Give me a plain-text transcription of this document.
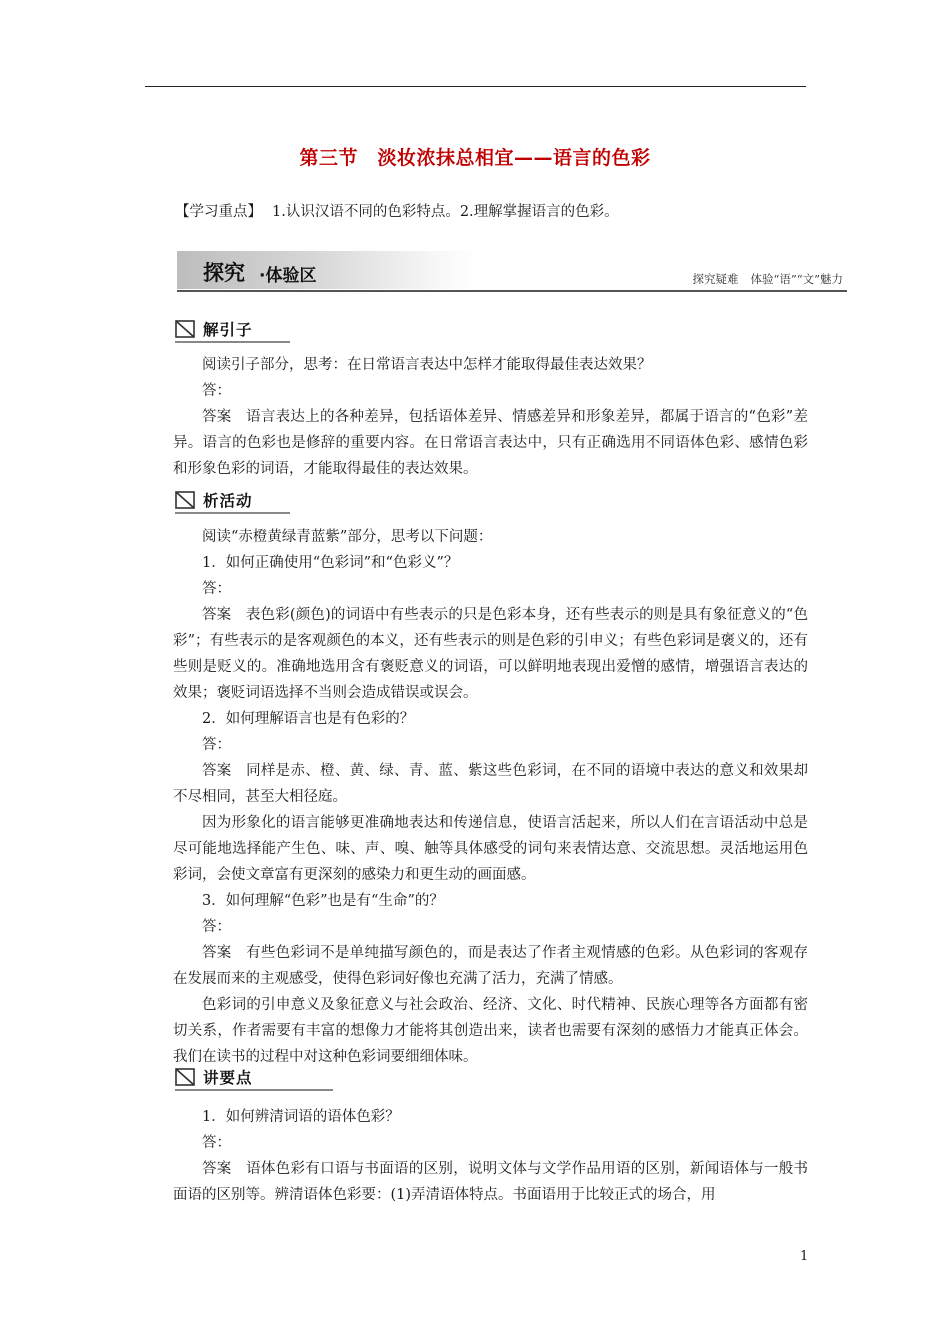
第三节　淡妆浓抹总相宜——语言的色彩
【学习重点】 1.认识汉语不同的色彩特点。2.理解掌握语言的色彩。
探究 ·体验区	探究疑难 体验“语”“文”魅力
解引子

阅读引子部分，思考：在日常语言表达中怎样才能取得最佳表达效果？

答：

答案 语言表达上的各种差异，包括语体差异、情感差异和形象差异，都属于语言的“色彩”差异。语言的色彩也是修辞的重要内容。在日常语言表达中，只有正确选用不同语体色彩、感情色彩和形象色彩的词语，才能取得最佳的表达效果。

析活动

阅读“赤橙黄绿青蓝紫”部分，思考以下问题：

1．如何正确使用“色彩词”和“色彩义”？

答：

答案 表色彩(颜色)的词语中有些表示的只是色彩本身，还有些表示的则是具有象征意义的“色彩”；有些表示的是客观颜色的本义，还有些表示的则是色彩的引申义；有些色彩词是褒义的，还有些则是贬义的。准确地选用含有褒贬意义的词语，可以鲜明地表现出爱憎的感情，增强语言表达的效果；褒贬词语选择不当则会造成错误或误会。

2．如何理解语言也是有色彩的？

答：

答案 同样是赤、橙、黄、绿、青、蓝、紫这些色彩词，在不同的语境中表达的意义和效果却不尽相同，甚至大相径庭。

因为形象化的语言能够更准确地表达和传递信息，使语言活起来，所以人们在言语活动中总是尽可能地选择能产生色、味、声、嗅、触等具体感受的词句来表情达意、交流思想。灵活地运用色彩词，会使文章富有更深刻的感染力和更生动的画面感。

3．如何理解“色彩”也是有“生命”的？

答：

答案 有些色彩词不是单纯描写颜色的，而是表达了作者主观情感的色彩。从色彩词的客观存在发展而来的主观感受，使得色彩词好像也充满了活力，充满了情感。

色彩词的引申意义及象征意义与社会政治、经济、文化、时代精神、民族心理等各方面都有密切关系，作者需要有丰富的想像力才能将其创造出来，读者也需要有深刻的感悟力才能真正体会。我们在读书的过程中对这种色彩词要细细体味。

讲要点

1．如何辨清词语的语体色彩？

答：

答案 语体色彩有口语与书面语的区别，说明文体与文学作品用语的区别，新闻语体与一般书面语的区别等。辨清语体色彩要：(1)弄清语体特点。书面语用于比较正式的场合，用

1
